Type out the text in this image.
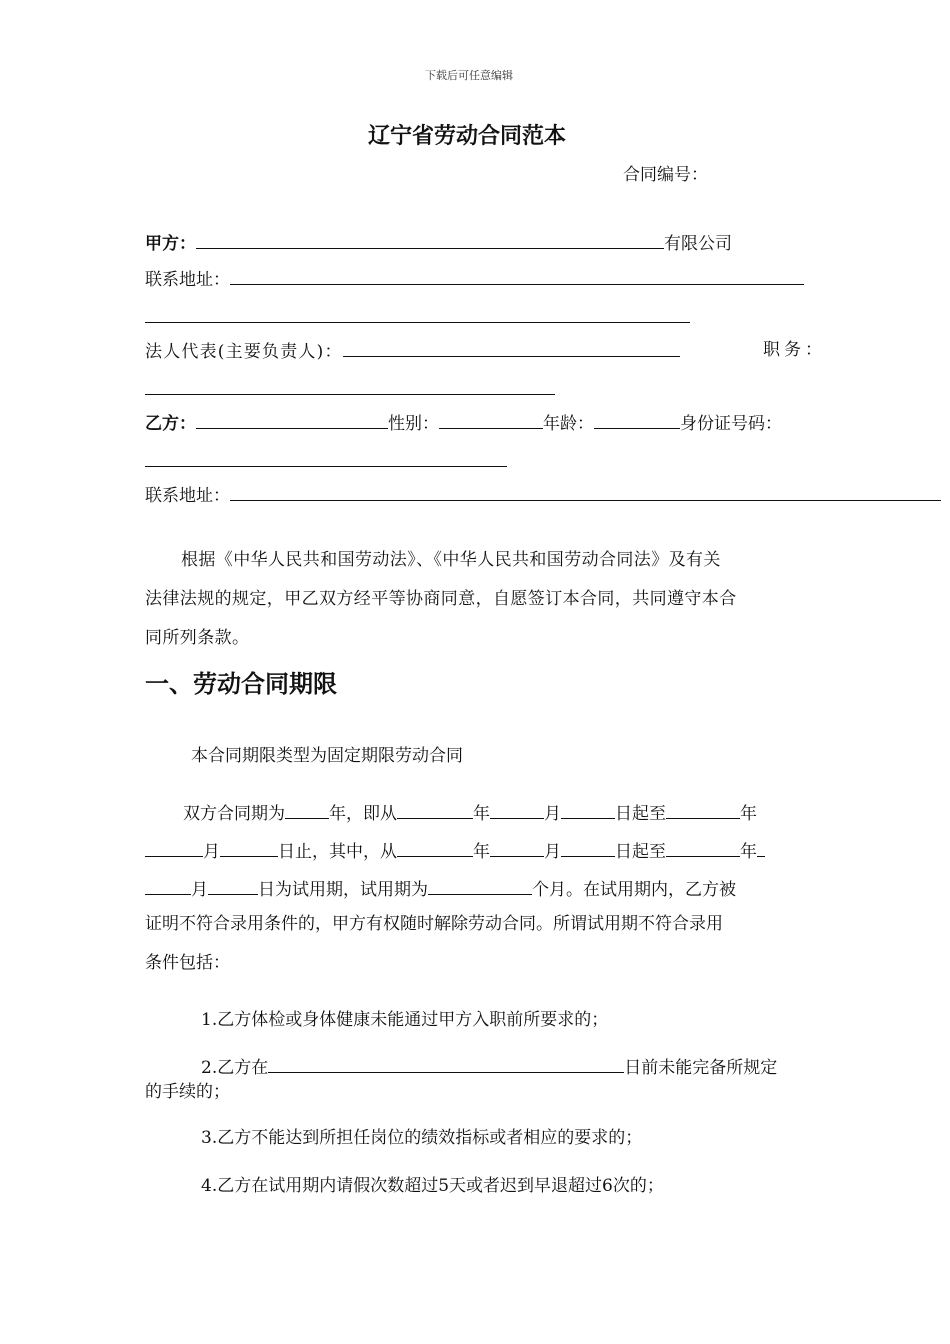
下载后可任意编辑
辽宁省劳动合同范本
合同编号：
甲方：	有限公司
联系地址：
法人代表(主要负责人)：	职务：
乙方：	性别：	年龄：	身份证号码：
联系地址：
根据《中华人民共和国劳动法》、《中华人民共和国劳动合同法》及有关
法律法规的规定，甲乙双方经平等协商同意，自愿签订本合同，共同遵守本合
同所列条款。
一、劳动合同期限
本合同期限类型为固定期限劳动合同
双方合同期为	年，即从	年	月	日起至	年
月	日止，其中，从	年	月	日起至	年
月	日为试用期，试用期为	个月。在试用期内，乙方被
证明不符合录用条件的，甲方有权随时解除劳动合同。所谓试用期不符合录用
条件包括：
1.乙方体检或身体健康未能通过甲方入职前所要求的；
2.乙方在	日前未能完备所规定
的手续的；
3.乙方不能达到所担任岗位的绩效指标或者相应的要求的；
4.乙方在试用期内请假次数超过5天或者迟到早退超过6次的；
